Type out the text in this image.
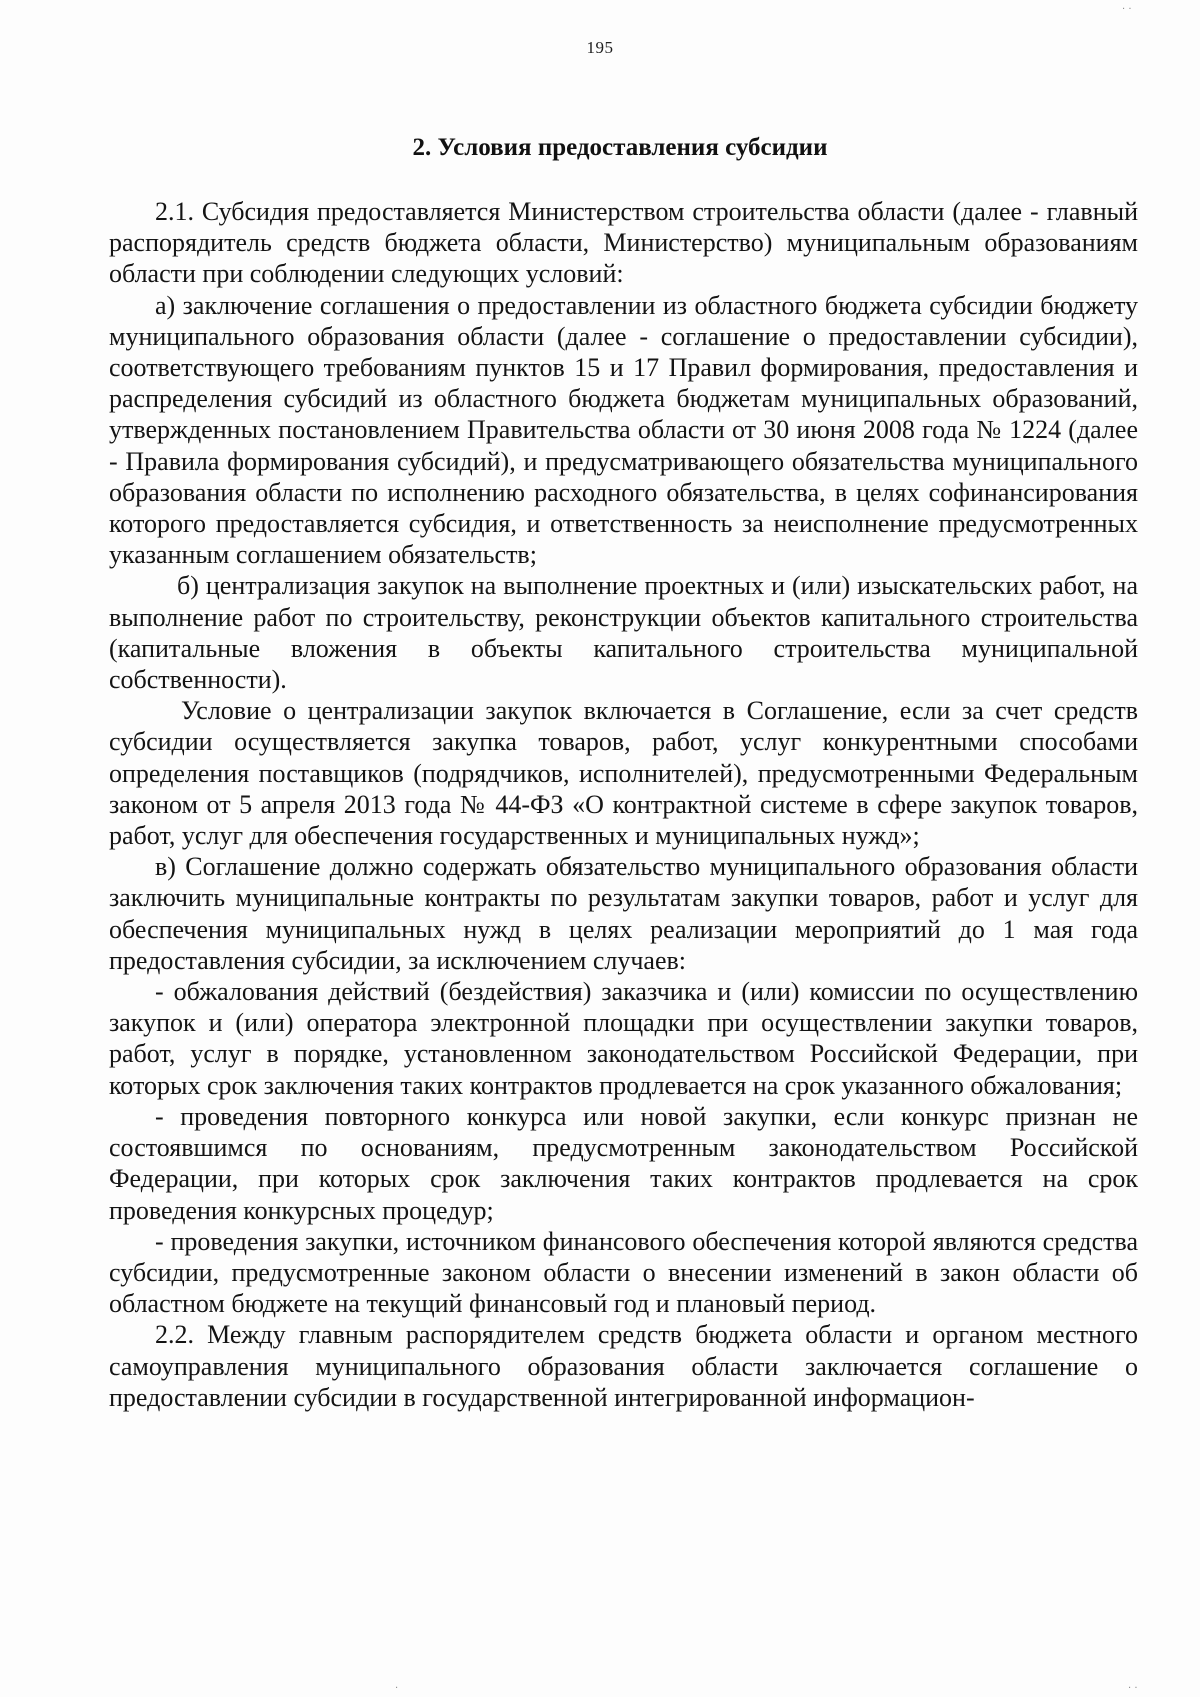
195
2. Условия предоставления субсидии

2.1. Субсидия предоставляется Министерством строительства области (далее - главный распорядитель средств бюджета области, Министерство) муниципальным образованиям области при соблюдении следующих условий:

а) заключение соглашения о предоставлении из областного бюджета субсидии бюджету муниципального образования области (далее - соглашение о предоставлении субсидии), соответствующего требованиям пунктов 15 и 17 Правил формирования, предоставления и распределения субсидий из областного бюджета бюджетам муниципальных образований, утвержденных постановлением Правительства области от 30 июня 2008 года № 1224 (далее - Правила формирования субсидий), и предусматривающего обязательства муниципального образования области по исполнению расходного обязательства, в целях софинансирования которого предоставляется субсидия, и ответственность за неисполнение предусмотренных указанным соглашением обязательств;

б) централизация закупок на выполнение проектных и (или) изыскательских работ, на выполнение работ по строительству, реконструкции объектов капитального строительства (капитальные вложения в объекты капитального строительства муниципальной собственности).

Условие о централизации закупок включается в Соглашение, если за счет средств субсидии осуществляется закупка товаров, работ, услуг конкурентными способами определения поставщиков (подрядчиков, исполнителей), предусмотренными Федеральным законом от 5 апреля 2013 года № 44-ФЗ «О контрактной системе в сфере закупок товаров, работ, услуг для обеспечения государственных и муниципальных нужд»;

в) Соглашение должно содержать обязательство муниципального образования области заключить муниципальные контракты по результатам закупки товаров, работ и услуг для обеспечения муниципальных нужд в целях реализации мероприятий до 1 мая года предоставления субсидии, за исключением случаев:

- обжалования действий (бездействия) заказчика и (или) комиссии по осуществлению закупок и (или) оператора электронной площадки при осуществлении закупки товаров, работ, услуг в порядке, установленном законодательством Российской Федерации, при которых срок заключения таких контрактов продлевается на срок указанного обжалования;

- проведения повторного конкурса или новой закупки, если конкурс признан не состоявшимся по основаниям, предусмотренным законодательством Российской Федерации, при которых срок заключения таких контрактов продлевается на срок проведения конкурсных процедур;

- проведения закупки, источником финансового обеспечения которой являются средства субсидии, предусмотренные законом области о внесении изменений в закон области об областном бюджете на текущий финансовый год и плановый период.

2.2. Между главным распорядителем средств бюджета области и органом местного самоуправления муниципального образования области заключается соглашение о предоставлении субсидии в государственной интегрированной информацион-

· ·
·	· ·
